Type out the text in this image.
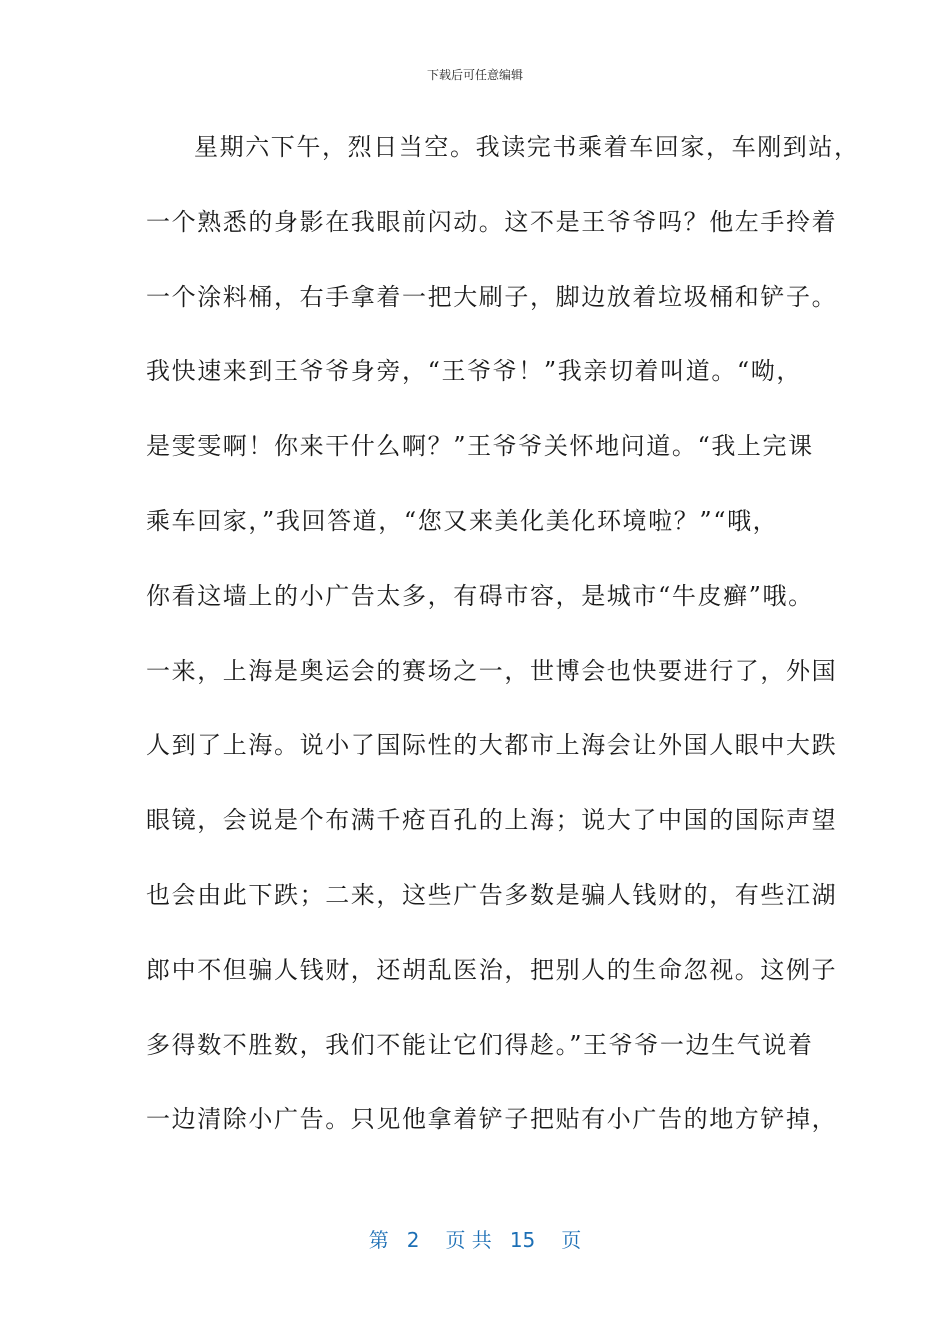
下载后可任意编辑
星期六下午，烈日当空。我读完书乘着车回家，车刚到站，
一个熟悉的身影在我眼前闪动。这不是王爷爷吗？他左手拎着
一个涂料桶，右手拿着一把大刷子，脚边放着垃圾桶和铲子。
我快速来到王爷爷身旁，“王爷爷！”我亲切着叫道。“呦，
是雯雯啊！你来干什么啊？”王爷爷关怀地问道。“我上完课
乘车回家，”我回答道，“您又来美化美化环境啦？”“哦，
你看这墙上的小广告太多，有碍市容，是城市“牛皮癣”哦。
一来，上海是奥运会的赛场之一，世博会也快要进行了，外国
人到了上海。说小了国际性的大都市上海会让外国人眼中大跌
眼镜，会说是个布满千疮百孔的上海；说大了中国的国际声望
也会由此下跌；二来，这些广告多数是骗人钱财的，有些江湖
郎中不但骗人钱财，还胡乱医治，把别人的生命忽视。这例子
多得数不胜数，我们不能让它们得趁。”王爷爷一边生气说着
一边清除小广告。只见他拿着铲子把贴有小广告的地方铲掉，
第 2 页 共 15 页
